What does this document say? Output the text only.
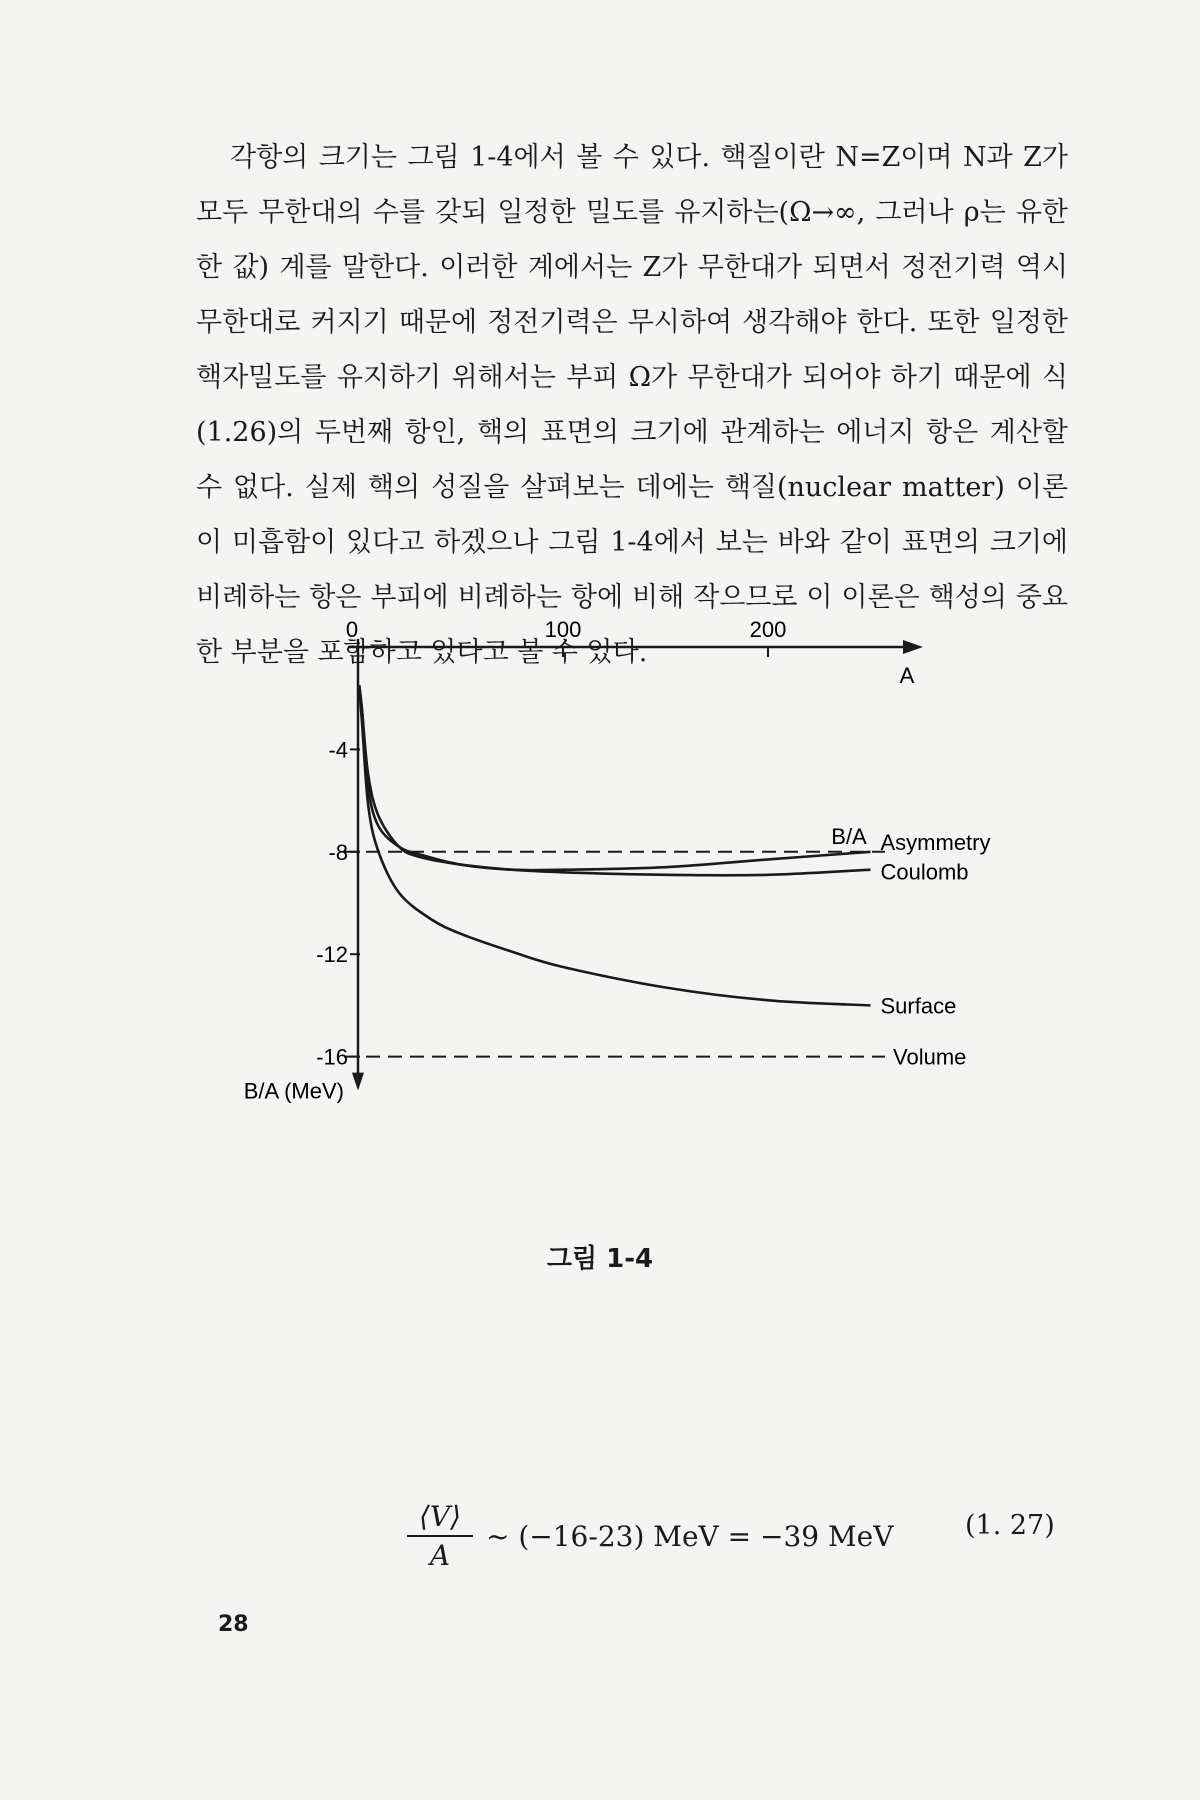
각항의 크기는 그림 1-4에서 볼 수 있다. 핵질이란 N=Z이며 N과 Z가 모두 무한대의 수를 갖되 일정한 밀도를 유지하는(Ω→∞, 그러나 ρ는 유한한 값) 계를 말한다. 이러한 계에서는 Z가 무한대가 되면서 정전기력 역시 무한대로 커지기 때문에 정전기력은 무시하여 생각해야 한다. 또한 일정한 핵자밀도를 유지하기 위해서는 부피 Ω가 무한대가 되어야 하기 때문에 식 (1.26)의 두번째 항인, 핵의 표면의 크기에 관계하는 에너지 항은 계산할 수 없다. 실제 핵의 성질을 살펴보는 데에는 핵질(nuclear matter) 이론이 미흡함이 있다고 하겠으나 그림 1-4에서 보는 바와 같이 표면의 크기에 비례하는 항은 부피에 비례하는 항에 비해 작으므로 이 이론은 핵성의 중요한 부분을 포함하고 있다고 볼 수 있다.

0	100	200
-4
-8
-12
-16
A
B/A (MeV)
B/A
Volume
Asymmetry
Coulomb
Surface
그림 1-4
⟨V⟩
A
~ (−16-23) MeV = −39 MeV	(1. 27)
28
